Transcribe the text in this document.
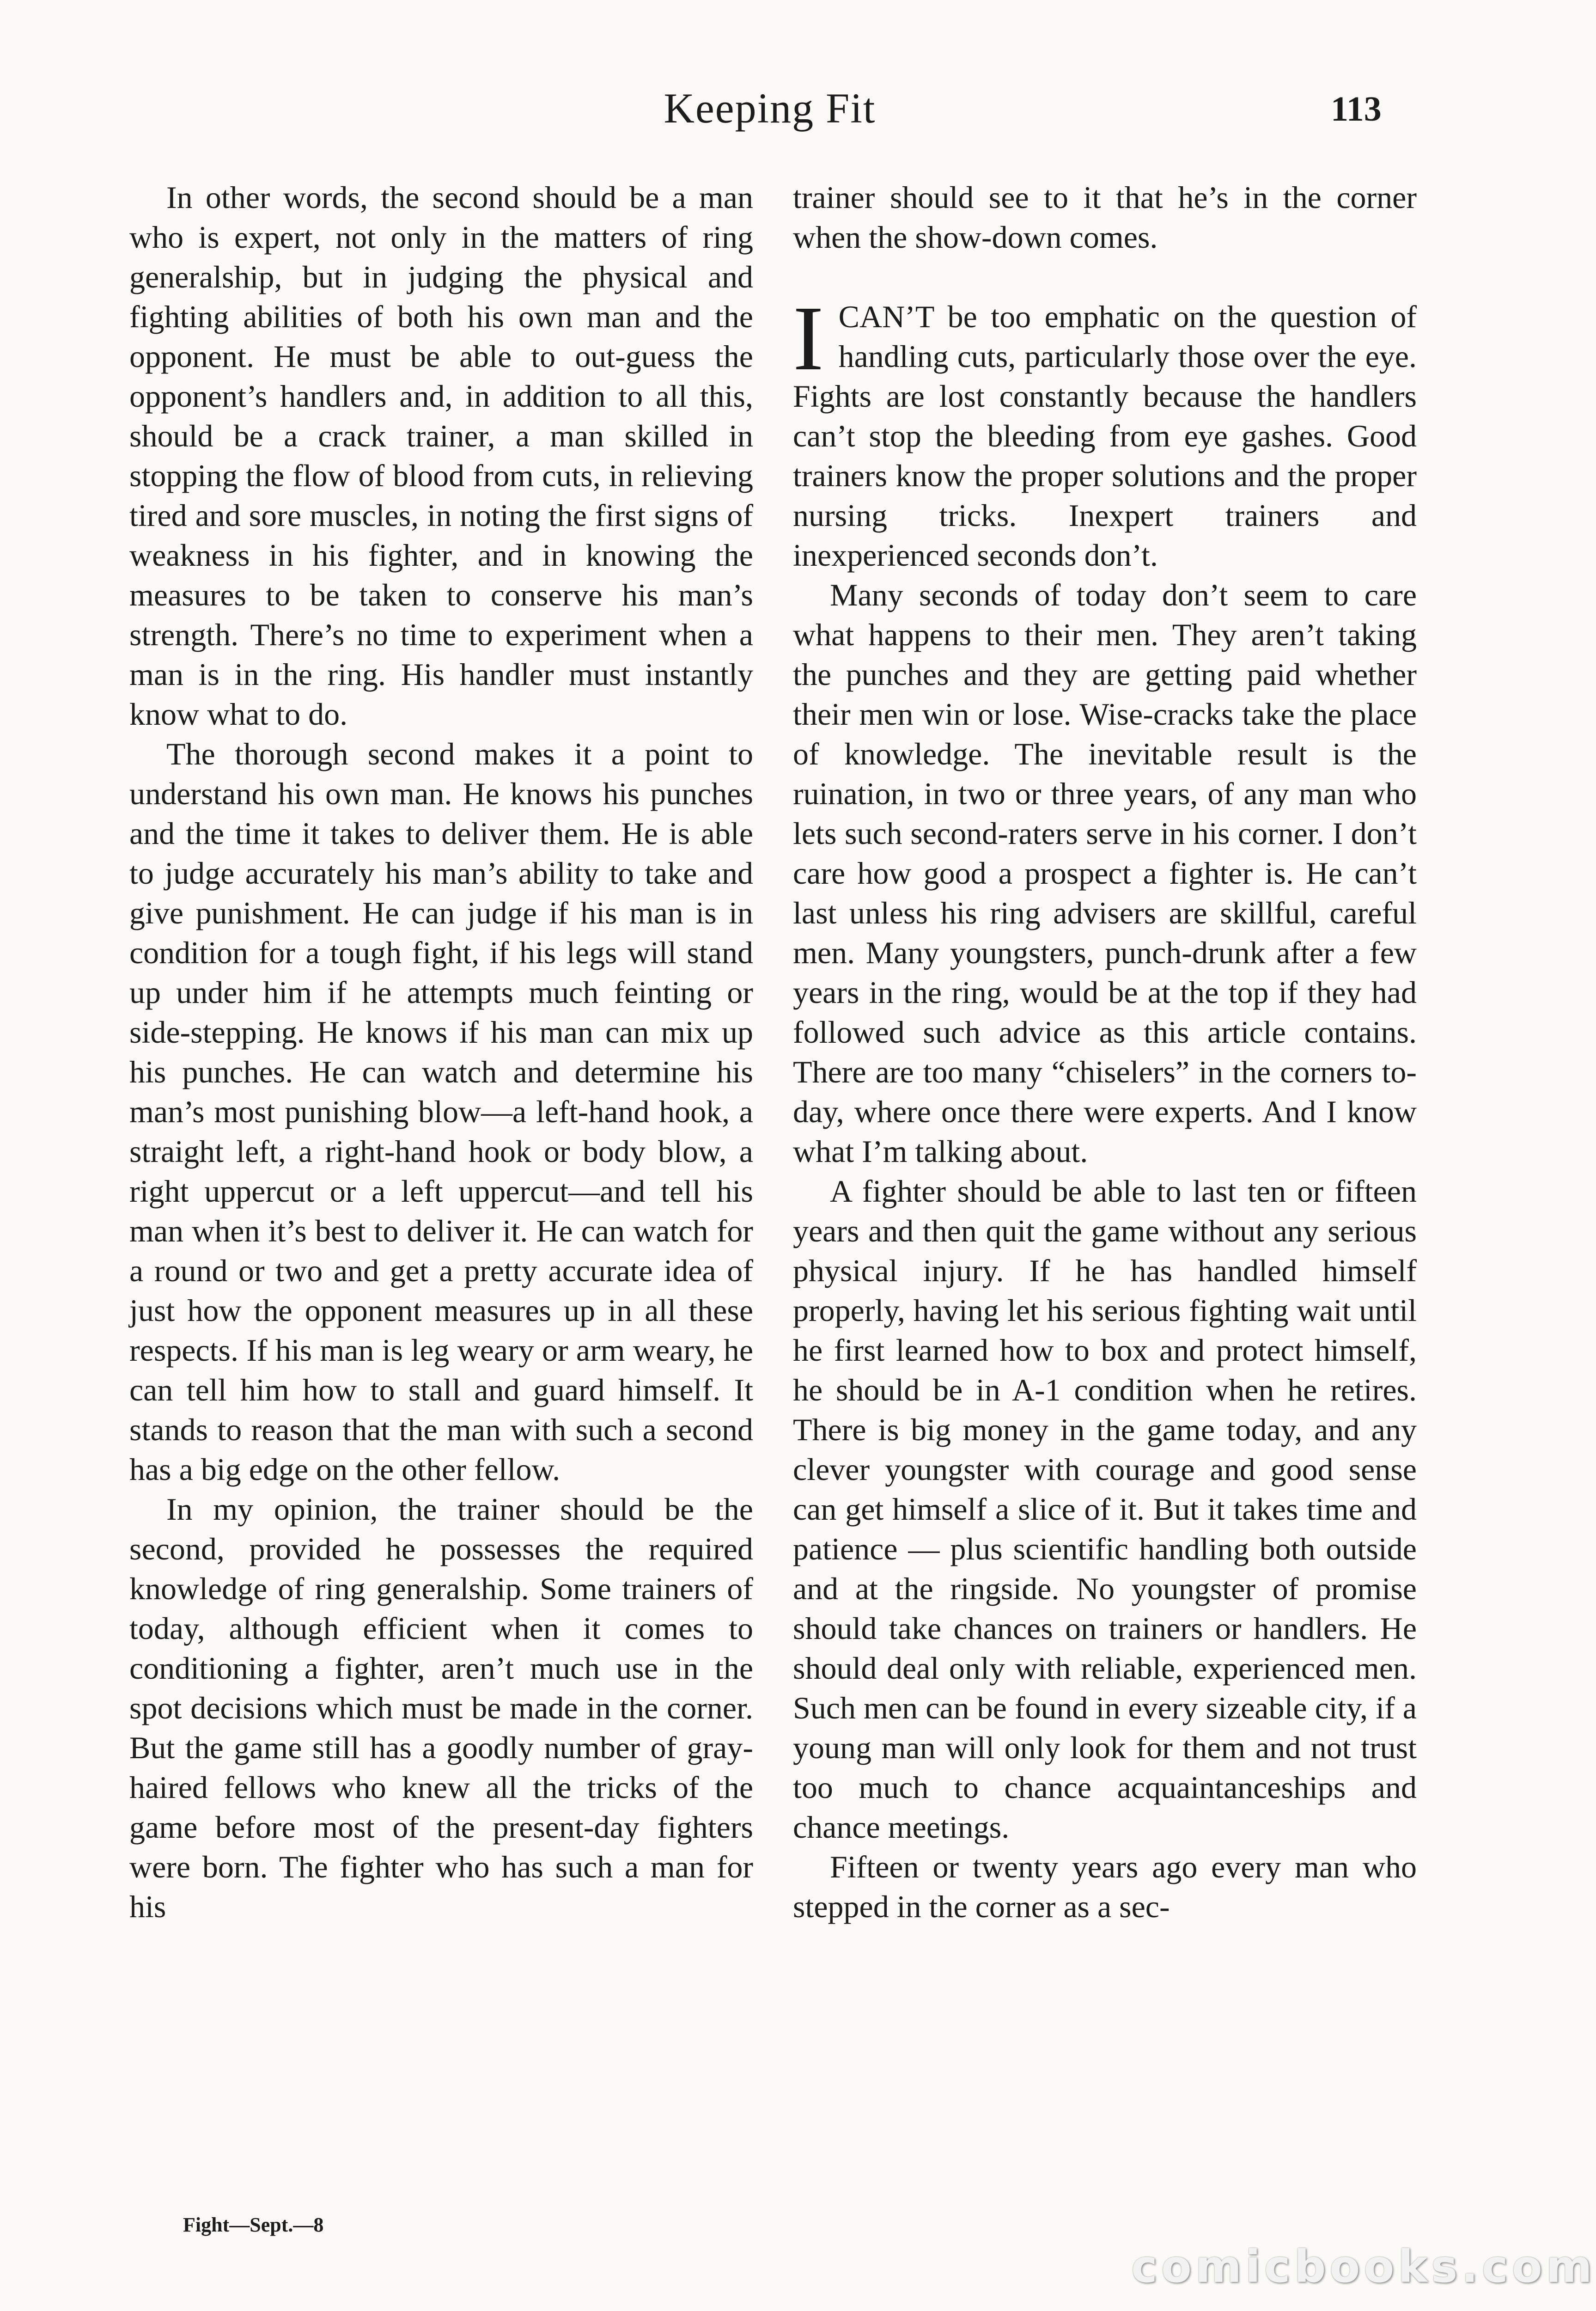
Keeping Fit	113

In other words, the second should be a man who is expert, not only in the matters of ring generalship, but in judging the physical and fighting abilities of both his own man and the opponent. He must be able to out-guess the opponent’s handlers and, in addition to all this, should be a crack trainer, a man skilled in stopping the flow of blood from cuts, in relieving tired and sore muscles, in noting the first signs of weakness in his fighter, and in knowing the measures to be taken to conserve his man’s strength. There’s no time to experiment when a man is in the ring. His handler must instantly know what to do.

The thorough second makes it a point to understand his own man. He knows his punches and the time it takes to deliver them. He is able to judge accurately his man’s ability to take and give punishment. He can judge if his man is in condition for a tough fight, if his legs will stand up under him if he attempts much feinting or side-stepping. He knows if his man can mix up his punches. He can watch and determine his man’s most punishing blow—a left-hand hook, a straight left, a right-hand hook or body blow, a right uppercut or a left uppercut—and tell his man when it’s best to deliver it. He can watch for a round or two and get a pretty accurate idea of just how the opponent measures up in all these respects. If his man is leg weary or arm weary, he can tell him how to stall and guard himself. It stands to reason that the man with such a second has a big edge on the other fellow.

In my opinion, the trainer should be the second, provided he possesses the required knowledge of ring generalship. Some trainers of today, although efficient when it comes to conditioning a fighter, aren’t much use in the spot decisions which must be made in the corner. But the game still has a goodly number of gray-haired fellows who knew all the tricks of the game before most of the present-day fighters were born. The fighter who has such a man for his

trainer should see to it that he’s in the corner when the show-down comes.

ICAN’T be too emphatic on the question of handling cuts, particularly those over the eye. Fights are lost constantly because the handlers can’t stop the bleeding from eye gashes. Good trainers know the proper solutions and the proper nursing tricks. Inexpert trainers and inexperienced seconds don’t.

Many seconds of today don’t seem to care what happens to their men. They aren’t taking the punches and they are getting paid whether their men win or lose. Wise-cracks take the place of knowledge. The inevitable result is the ruination, in two or three years, of any man who lets such second-raters serve in his corner. I don’t care how good a prospect a fighter is. He can’t last unless his ring advisers are skillful, careful men. Many youngsters, punch-drunk after a few years in the ring, would be at the top if they had followed such advice as this article contains. There are too many “chiselers” in the corners today, where once there were experts. And I know what I’m talking about.

A fighter should be able to last ten or fifteen years and then quit the game without any serious physical injury. If he has handled himself properly, having let his serious fighting wait until he first learned how to box and protect himself, he should be in A-1 condition when he retires. There is big money in the game today, and any clever youngster with courage and good sense can get himself a slice of it. But it takes time and patience — plus scientific handling both outside and at the ringside. No youngster of promise should take chances on trainers or handlers. He should deal only with reliable, experienced men. Such men can be found in every sizeable city, if a young man will only look for them and not trust too much to chance acquaintanceships and chance meetings.

Fifteen or twenty years ago every man who stepped in the corner as a sec-

Fight—Sept.—8
comicbooks.com
